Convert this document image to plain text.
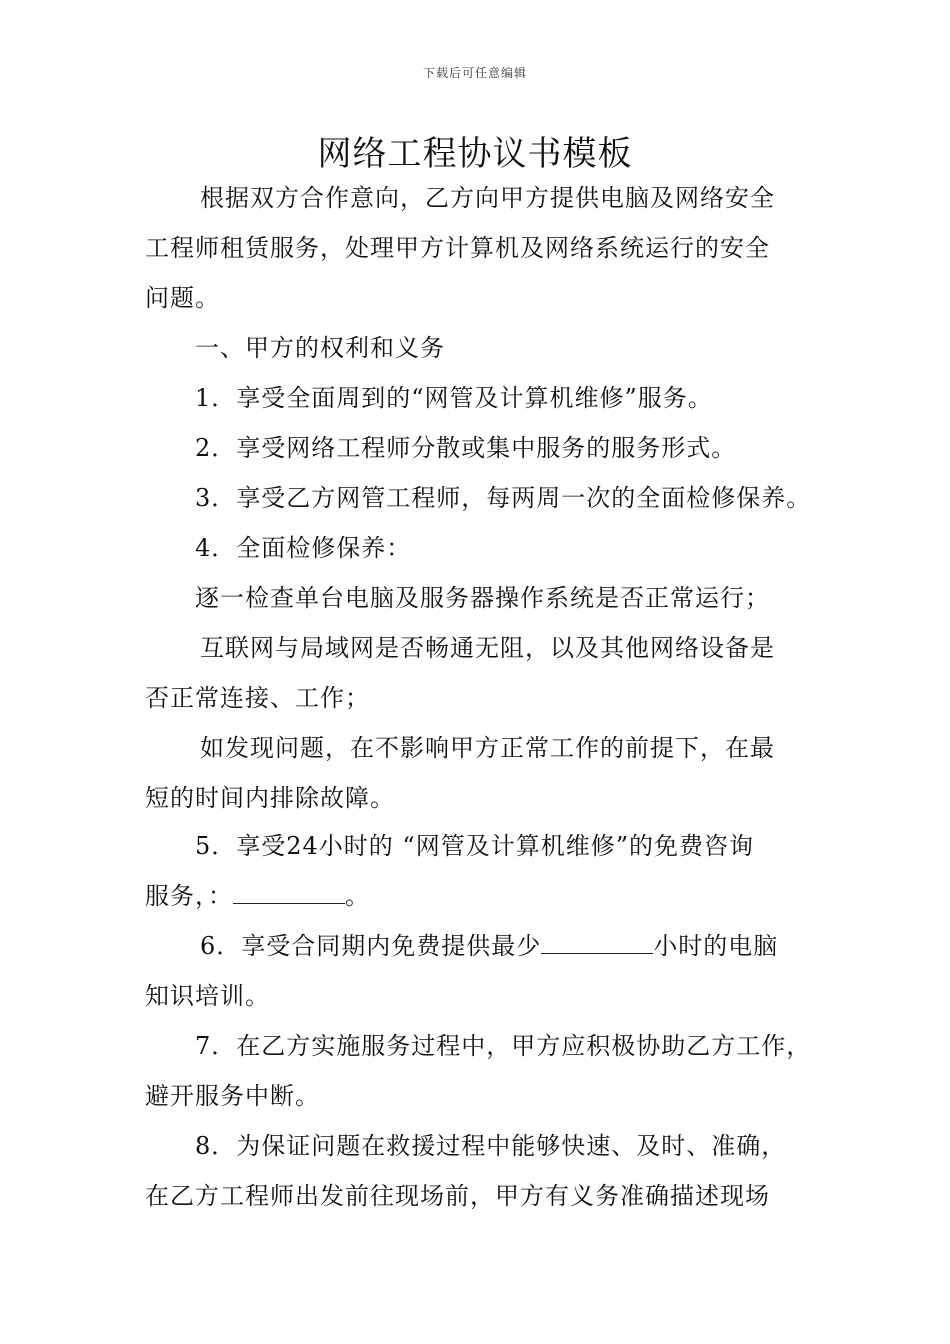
下载后可任意编辑
网络工程协议书模板
根据双方合作意向，乙方向甲方提供电脑及网络安全
工程师租赁服务，处理甲方计算机及网络系统运行的安全
问题。
一、甲方的权利和义务
1．享受全面周到的“网管及计算机维修”服务。
2．享受网络工程师分散或集中服务的服务形式。
3．享受乙方网管工程师，每两周一次的全面检修保养。
4．全面检修保养：
逐一检查单台电脑及服务器操作系统是否正常运行；
互联网与局域网是否畅通无阻，以及其他网络设备是
否正常连接、工作；
如发现问题，在不影响甲方正常工作的前提下，在最
短的时间内排除故障。
5．享受24小时的 “网管及计算机维修”的免费咨询
服务，：	。
6．享受合同期内免费提供最少	小时的电脑
知识培训。
7．在乙方实施服务过程中，甲方应积极协助乙方工作，
避开服务中断。
8．为保证问题在救援过程中能够快速、及时、准确，
在乙方工程师出发前往现场前，甲方有义务准确描述现场
